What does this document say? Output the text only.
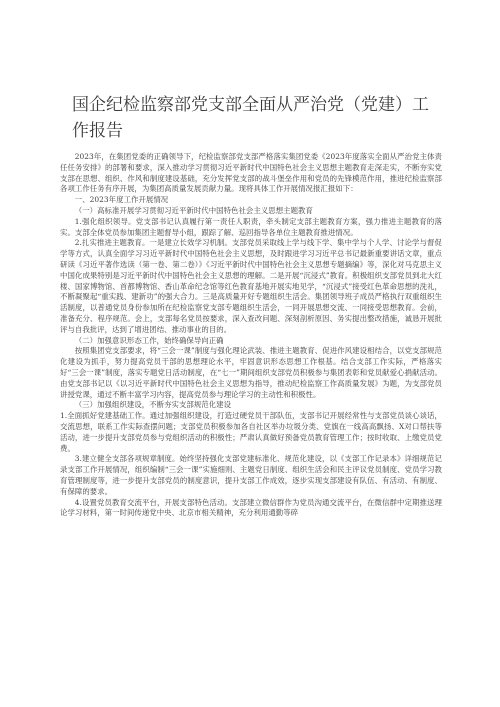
国企纪检监察部党支部全面从严治党（党建）工作报告

2023年，在集团党委的正确领导下，纪检监察部党支部严格落实集团党委《2023年度落实全面从严治党主体责任任务安排》的部署和要求，深入推动学习贯彻习近平新时代中国特色社会主义思想主题教育走深走实，不断夯实党支部在思想、组织、作风和制度建设基础，充分发挥党支部的战斗堡垒作用和党员的先锋模范作用，推进纪检监察部各项工作任务有序开展，为集团高质量发展贡献力量。现将具体工作开展情况报汇报如下：

一、2023年度工作开展情况

（一）高标准开展学习贯彻习近平新时代中国特色社会主义思想主题教育

1.强化组织领导。党支部书记认真履行第一责任人职责，牵头制定支部主题教育方案，强力推进主题教育的落实。支部全体党员参加集团主题督导小组，跟踪了解、巡回指导各单位主题教育推进情况。

2.扎实推进主题教育。一是建立长效学习机制。支部党员采取线上学与线下学、集中学与个人学、讨论学与督促学等方式，认真全面学习习近平新时代中国特色社会主义思想，及时跟进学习习近平总书记最新重要讲话文章，重点研读《习近平著作选读（第一卷、第二卷）》《习近平新时代中国特色社会主义思想专题摘编》等，深化对马克思主义中国化成果特别是习近平新时代中国特色社会主义思想的理解。二是开展“沉浸式”教育。积极组织支部党员到北大红楼、国家博物馆、首都博物馆、香山革命纪念馆等红色教育基地开展实地见学，“沉浸式”接受红色革命思想的洗礼，不断凝聚起“重实践、建新功”的强大合力。三是高质量开好专题组织生活会。集团领导班子成员严格执行双重组织生活制度，以普通党员身份参加所在纪检监察党支部专题组织生活会，一同开展思想交流、一同接受思想教育。会前，准备充分、程序规范。会上，支部每名党员按要求，深入查改问题、深刻剖析原因、务实提出整改措施，诚恳开展批评与自我批评，达到了增进团结、推动事业的目的。

（二）加强意识形态工作，始终确保导向正确

按照集团党支部要求，将“三会一课”制度与强化理论武装、推进主题教育、促进作风建设相结合，以党支部规范化建设为抓手，努力提高党员干部的思想理论水平，牢固意识形态思想工作根基。结合支部工作实际，严格落实好“三会一课”制度，落实专题党日活动制度，在“七一”期间组织支部党员积极参与集团表彰和党员献爱心捐献活动。由党支部书记以《以习近平新时代中国特色社会主义思想为指导，推动纪检监察工作高质量发展》为题，为支部党员讲授党课，通过不断丰富学习内容，提高党员参与理论学习的主动性和积极性。

（三）加强组织建设，不断夯实支部规范化建设

1.全面抓好党建基础工作。通过加强组织建设，打造过硬党员干部队伍，支部书记开展经常性与支部党员谈心谈话，交流思想，联系工作实际查摆问题；支部党员积极参加各自社区举办垃圾分类、党旗在一线高高飘扬、X对口帮扶等活动，进一步提升支部党员参与党组织活动的积极性；严肃认真做好预备党员教育管理工作；按时收取、上缴党员党费。

3.建立健全支部各项规章制度。始终坚持强化支部党建标准化、规范化建设，以《支部工作记录本》详细规范记录支部工作开展情况，组织编制“三会一课”实施细则、主题党日制度、组织生活会和民主评议党员制度、党员学习教育管理制度等，进一步提升支部党员的制度意识，提升支部工作成效，逐步实现支部建设有队伍、有活动、有制度、有保障的要求。

4.设置党员教育交流平台，开展支部特色活动。支部建立微信群作为党员沟通交流平台，在微信群中定期推送理论学习材料，第一时间传递党中央、北京市相关精神，充分利用通勤等碎
